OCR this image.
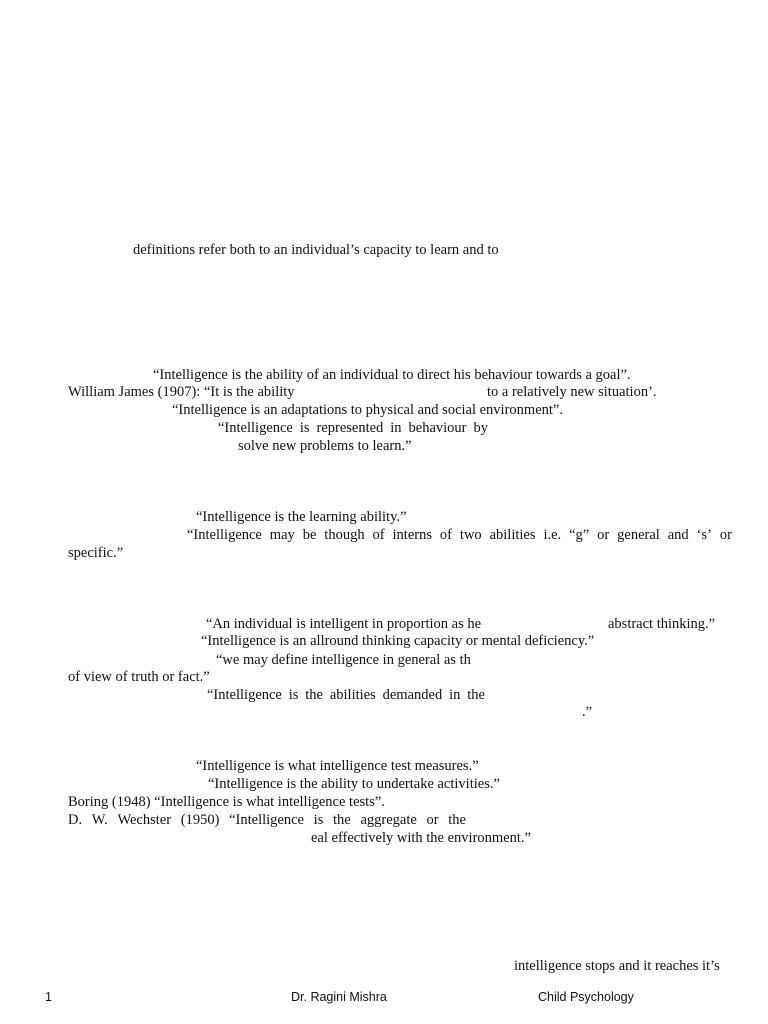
definitions refer both to an individual’s capacity to learn and to
“Intelligence is the ability of an individual to direct his behaviour towards a goal”.
William James (1907): “It is the ability	to a relatively new situation’.
“Intelligence is an adaptations to physical and social environment”.
“Intelligence is represented in behaviour by
solve new problems to learn.”
“Intelligence is the learning ability.”
“Intelligence may be though of interns of two abilities i.e. “g” or general and ‘s’ or
specific.”
“An individual is intelligent in proportion as he	abstract thinking.”
“Intelligence is an allround thinking capacity or mental deficiency.”
“we may define intelligence in general as th
of view of truth or fact.”
“Intelligence is the abilities demanded in the
.”
“Intelligence is what intelligence test measures.”
“Intelligence is the ability to undertake activities.”
Boring (1948) “Intelligence is what intelligence tests”.
D. W. Wechster (1950) “Intelligence is the aggregate or the
eal effectively with the environment.”
intelligence stops and it reaches it’s
1	Dr. Ragini Mishra	Child Psychology
